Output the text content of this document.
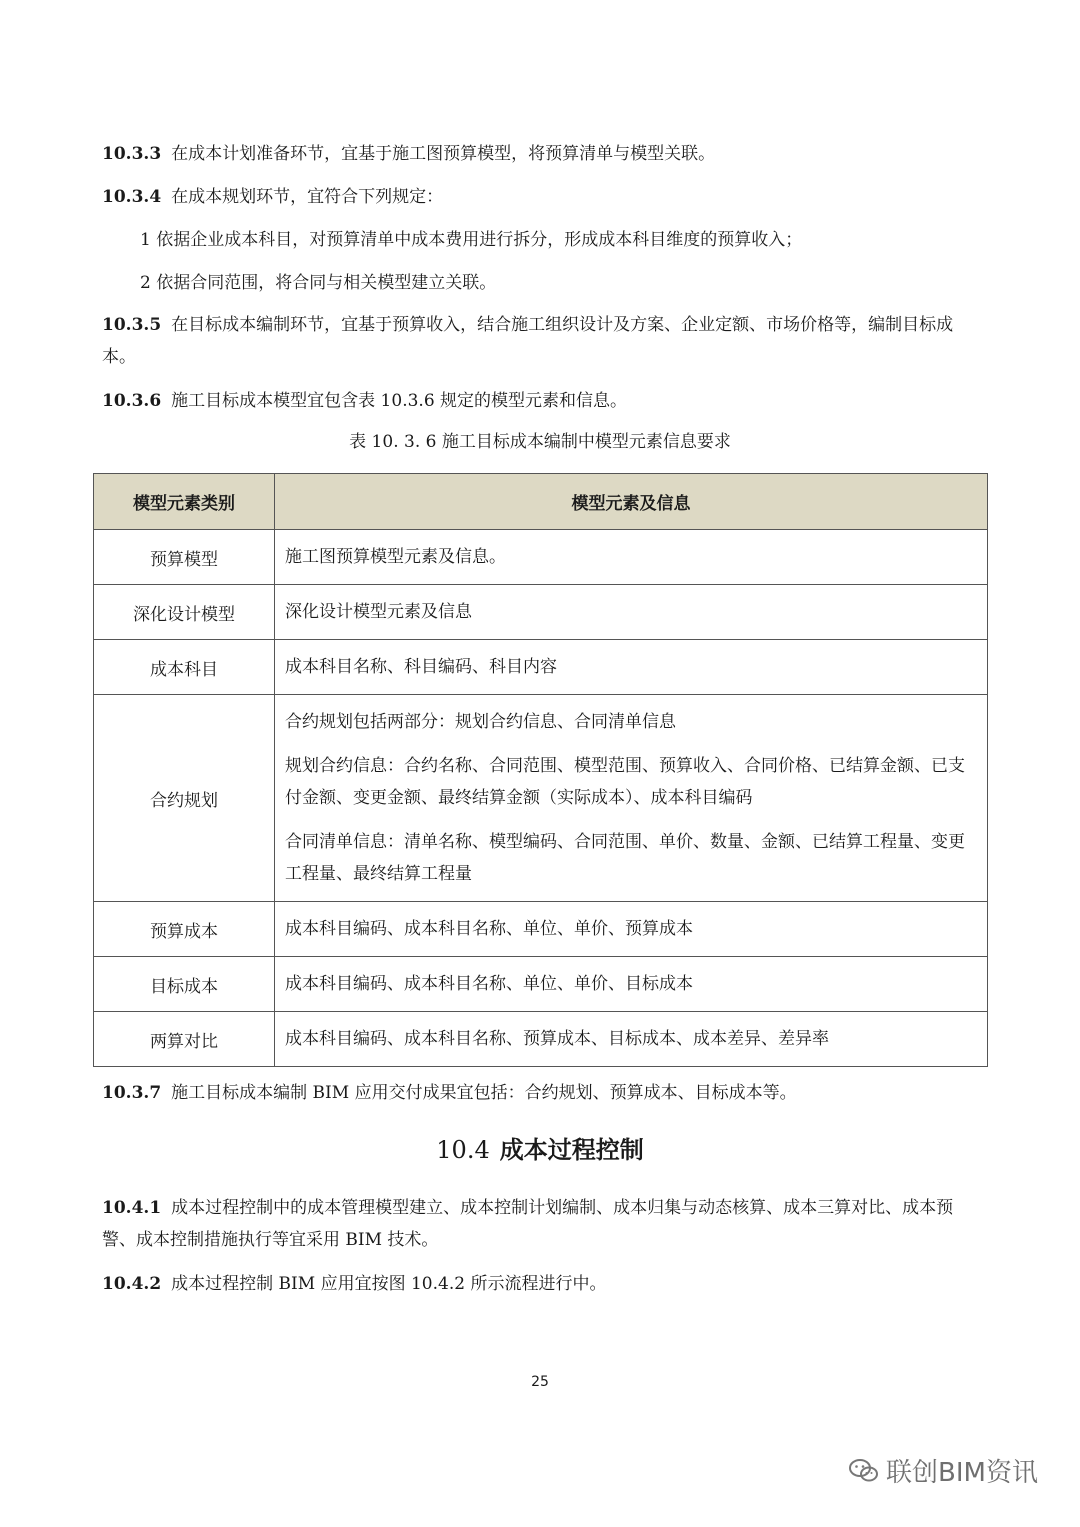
10.3.3 在成本计划准备环节，宜基于施工图预算模型，将预算清单与模型关联。

10.3.4 在成本规划环节，宜符合下列规定：

1 依据企业成本科目，对预算清单中成本费用进行拆分，形成成本科目维度的预算收入；

2 依据合同范围，将合同与相关模型建立关联。

10.3.5 在目标成本编制环节，宜基于预算收入，结合施工组织设计及方案、企业定额、市场价格等，编制目标成本。

10.3.6 施工目标成本模型宜包含表 10.3.6 规定的模型元素和信息。

表 10. 3. 6 施工目标成本编制中模型元素信息要求
模型元素类别	模型元素及信息
预算模型	施工图预算模型元素及信息。

深化设计模型	深化设计模型元素及信息

成本科目	成本科目名称、科目编码、科目内容

合约规划	合约规划包括两部分：规划合约信息、合同清单信息

规划合约信息：合约名称、合同范围、模型范围、预算收入、合同价格、已结算金额、已支付金额、变更金额、最终结算金额（实际成本）、成本科目编码

合同清单信息：清单名称、模型编码、合同范围、单价、数量、金额、已结算工程量、变更工程量、最终结算工程量

预算成本	成本科目编码、成本科目名称、单位、单价、预算成本

目标成本	成本科目编码、成本科目名称、单位、单价、目标成本

两算对比	成本科目编码、成本科目名称、预算成本、目标成本、成本差异、差异率

10.3.7 施工目标成本编制 BIM 应用交付成果宜包括：合约规划、预算成本、目标成本等。

10.4 成本过程控制

10.4.1 成本过程控制中的成本管理模型建立、成本控制计划编制、成本归集与动态核算、成本三算对比、成本预警、成本控制措施执行等宜采用 BIM 技术。

10.4.2 成本过程控制 BIM 应用宜按图 10.4.2 所示流程进行中。

25
联创BIM资讯
